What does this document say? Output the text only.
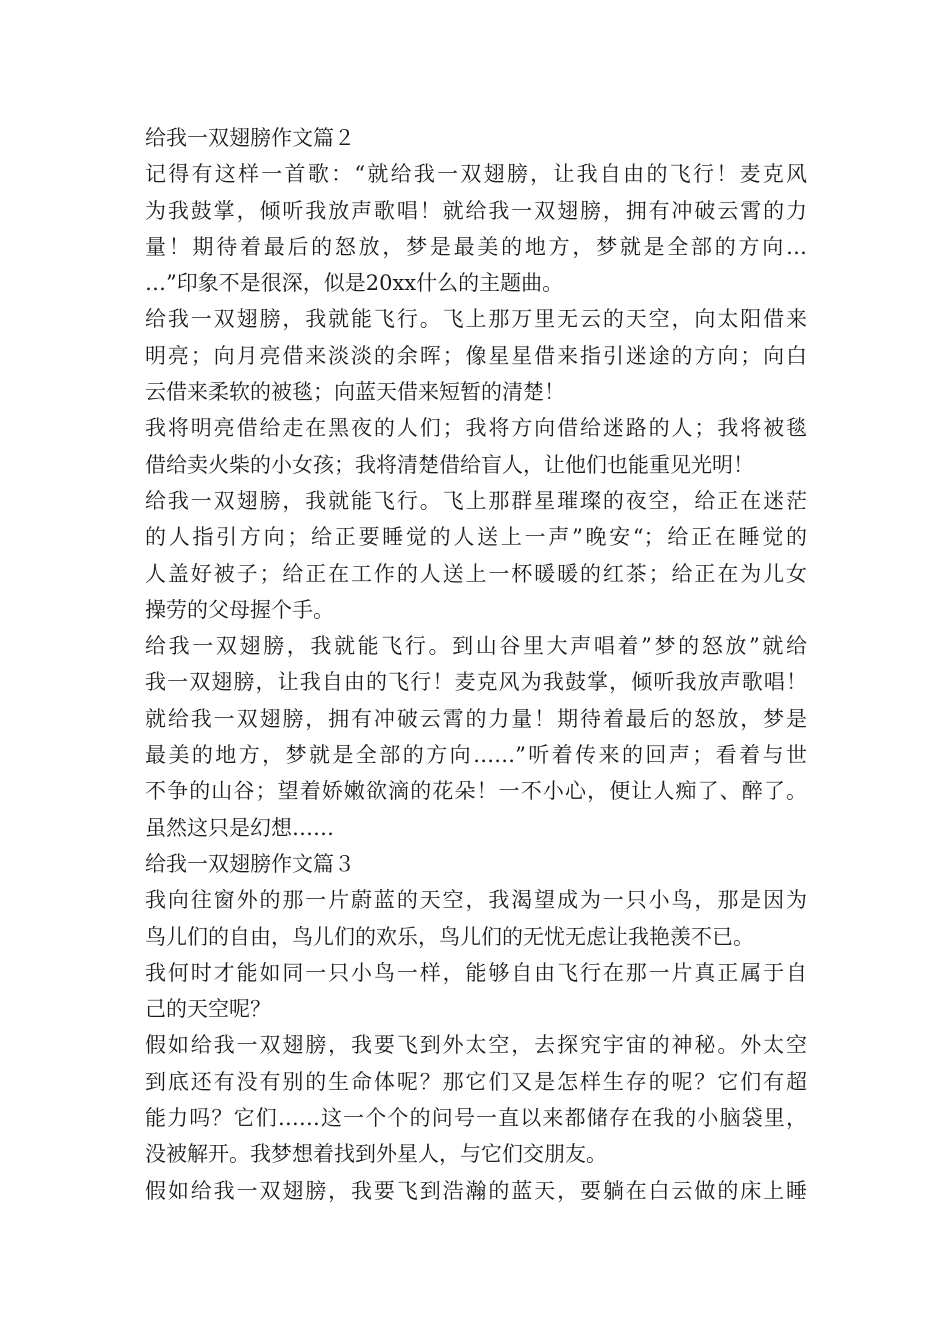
给我一双翅膀作文篇２
记得有这样一首歌：“就给我一双翅膀，让我自由的飞行！麦克风
为我鼓掌，倾听我放声歌唱！就给我一双翅膀，拥有冲破云霄的力
量！期待着最后的怒放，梦是最美的地方，梦就是全部的方向…
…”印象不是很深，似是20xx什么的主题曲。
给我一双翅膀，我就能飞行。飞上那万里无云的天空，向太阳借来
明亮；向月亮借来淡淡的余晖；像星星借来指引迷途的方向；向白
云借来柔软的被毯；向蓝天借来短暂的清楚！
我将明亮借给走在黑夜的人们；我将方向借给迷路的人；我将被毯
借给卖火柴的小女孩；我将清楚借给盲人，让他们也能重见光明！
给我一双翅膀，我就能飞行。飞上那群星璀璨的夜空，给正在迷茫
的人指引方向；给正要睡觉的人送上一声”晚安“；给正在睡觉的
人盖好被子；给正在工作的人送上一杯暖暖的红茶；给正在为儿女
操劳的父母握个手。
给我一双翅膀，我就能飞行。到山谷里大声唱着”梦的怒放”就给
我一双翅膀，让我自由的飞行！麦克风为我鼓掌，倾听我放声歌唱！
就给我一双翅膀，拥有冲破云霄的力量！期待着最后的怒放，梦是
最美的地方，梦就是全部的方向……”听着传来的回声；看着与世
不争的山谷；望着娇嫩欲滴的花朵！一不小心，便让人痴了、醉了。
虽然这只是幻想……
给我一双翅膀作文篇３
我向往窗外的那一片蔚蓝的天空，我渴望成为一只小鸟，那是因为
鸟儿们的自由，鸟儿们的欢乐，鸟儿们的无忧无虑让我艳羡不已。
我何时才能如同一只小鸟一样，能够自由飞行在那一片真正属于自
己的天空呢？
假如给我一双翅膀，我要飞到外太空，去探究宇宙的神秘。外太空
到底还有没有别的生命体呢？那它们又是怎样生存的呢？它们有超
能力吗？它们……这一个个的问号一直以来都储存在我的小脑袋里，
没被解开。我梦想着找到外星人，与它们交朋友。
假如给我一双翅膀，我要飞到浩瀚的蓝天，要躺在白云做的床上睡
